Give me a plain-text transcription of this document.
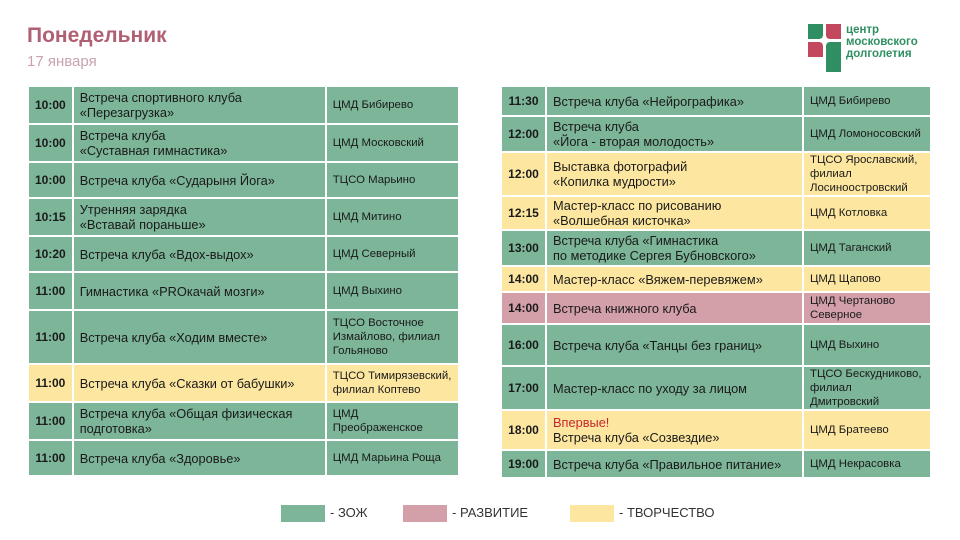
Понедельник
17 января
центр
московского
долголетия
10:00	Встреча спортивного клуба
«Перезагрузка»	ЦМД Бибирево
10:00	Встреча клуба
«Суставная гимнастика»	ЦМД Московский
10:00	Встреча клуба «Сударыня Йога»	ТЦСО Марьино
10:15	Утренняя зарядка
«Вставай пораньше»	ЦМД Митино
10:20	Встреча клуба «Вдох-выдох»	ЦМД Северный
11:00	Гимнастика «PROкачай мозги»	ЦМД Выхино
11:00	Встреча клуба «Ходим вместе»	ТЦСО Восточное
Измайлово, филиал
Гольяново
11:00	Встреча клуба «Сказки от бабушки»	ТЦСО Тимирязевский,
филиал Коптево
11:00	Встреча клуба «Общая физическая
подготовка»	ЦМД
Преображенское
11:00	Встреча клуба «Здоровье»	ЦМД Марьина Роща
11:30	Встреча клуба «Нейрографика»	ЦМД Бибирево
12:00	Встреча клуба
«Йога - вторая молодость»	ЦМД Ломоносовский
12:00	Выставка фотографий
«Копилка мудрости»	ТЦСО Ярославский,
филиал
Лосиноостровский
12:15	Мастер-класс по рисованию
«Волшебная кисточка»	ЦМД Котловка
13:00	Встреча клуба «Гимнастика
по методике Сергея Бубновского»	ЦМД Таганский
14:00	Мастер-класс «Вяжем-перевяжем»	ЦМД Щапово
14:00	Встреча книжного клуба	ЦМД Чертаново
Северное
16:00	Встреча клуба «Танцы без границ»	ЦМД Выхино
17:00	Мастер-класс по уходу за лицом	ТЦСО Бескудниково,
филиал
Дмитровский
18:00	Впервые!
Встреча клуба «Созвездие»	ЦМД Братеево
19:00	Встреча клуба «Правильное питание»	ЦМД Некрасовка
- ЗОЖ	- РАЗВИТИЕ	- ТВОРЧЕСТВО
